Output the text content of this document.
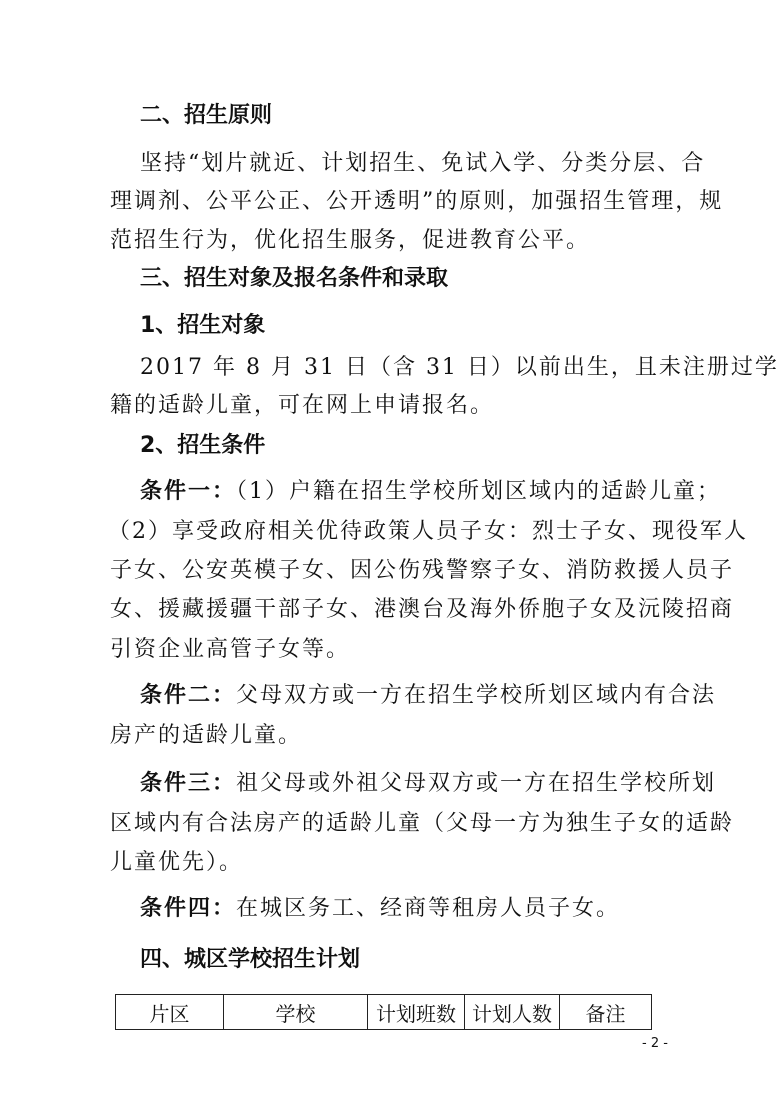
二、招生原则
坚持“划片就近、计划招生、免试入学、分类分层、合
理调剂、公平公正、公开透明”的原则，加强招生管理，规
范招生行为，优化招生服务，促进教育公平。
三、招生对象及报名条件和录取
1、招生对象
2017 年 8 月 31 日（含 31 日）以前出生，且未注册过学
籍的适龄儿童，可在网上申请报名。
2、招生条件
条件一：（1）户籍在招生学校所划区域内的适龄儿童；
（2）享受政府相关优待政策人员子女：烈士子女、现役军人
子女、公安英模子女、因公伤残警察子女、消防救援人员子
女、援藏援疆干部子女、港澳台及海外侨胞子女及沅陵招商
引资企业高管子女等。
条件二：父母双方或一方在招生学校所划区域内有合法
房产的适龄儿童。
条件三：祖父母或外祖父母双方或一方在招生学校所划
区域内有合法房产的适龄儿童（父母一方为独生子女的适龄
儿童优先）。
条件四：在城区务工、经商等租房人员子女。
四、城区学校招生计划
片区	学校	计划班数	计划人数	备注
- 2 -
